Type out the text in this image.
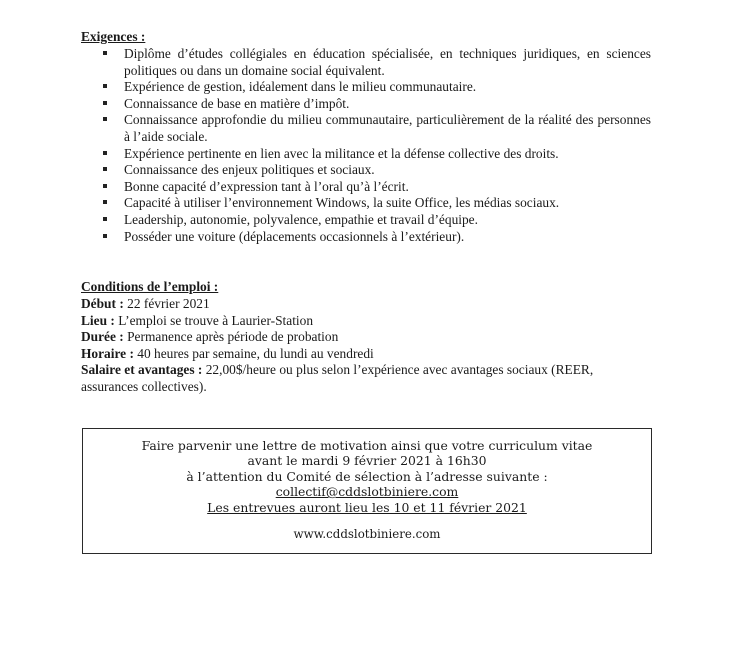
Exigences :
Diplôme d’études collégiales en éducation spécialisée, en techniques juridiques, en sciences politiques ou dans un domaine social équivalent.
Expérience de gestion, idéalement dans le milieu communautaire.
Connaissance de base en matière d’impôt.
Connaissance approfondie du milieu communautaire, particulièrement de la réalité des personnes à l’aide sociale.
Expérience pertinente en lien avec la militance et la défense collective des droits.
Connaissance des enjeux politiques et sociaux.
Bonne capacité d’expression tant à l’oral qu’à l’écrit.
Capacité à utiliser l’environnement Windows, la suite Office, les médias sociaux.
Leadership, autonomie, polyvalence, empathie et travail d’équipe.
Posséder une voiture (déplacements occasionnels à l’extérieur).
Conditions de l’emploi :
Début : 22 février 2021
Lieu : L’emploi se trouve à Laurier-Station
Durée : Permanence après période de probation
Horaire : 40 heures par semaine, du lundi au vendredi
Salaire et avantages : 22,00$/heure ou plus selon l’expérience avec avantages sociaux (REER, assurances collectives).
Faire parvenir une lettre de motivation ainsi que votre curriculum vitae
avant le mardi 9 février 2021 à 16h30
à l’attention du Comité de sélection à l’adresse suivante :
collectif@cddslotbiniere.com
Les entrevues auront lieu les 10 et 11 février 2021
www.cddslotbiniere.com
